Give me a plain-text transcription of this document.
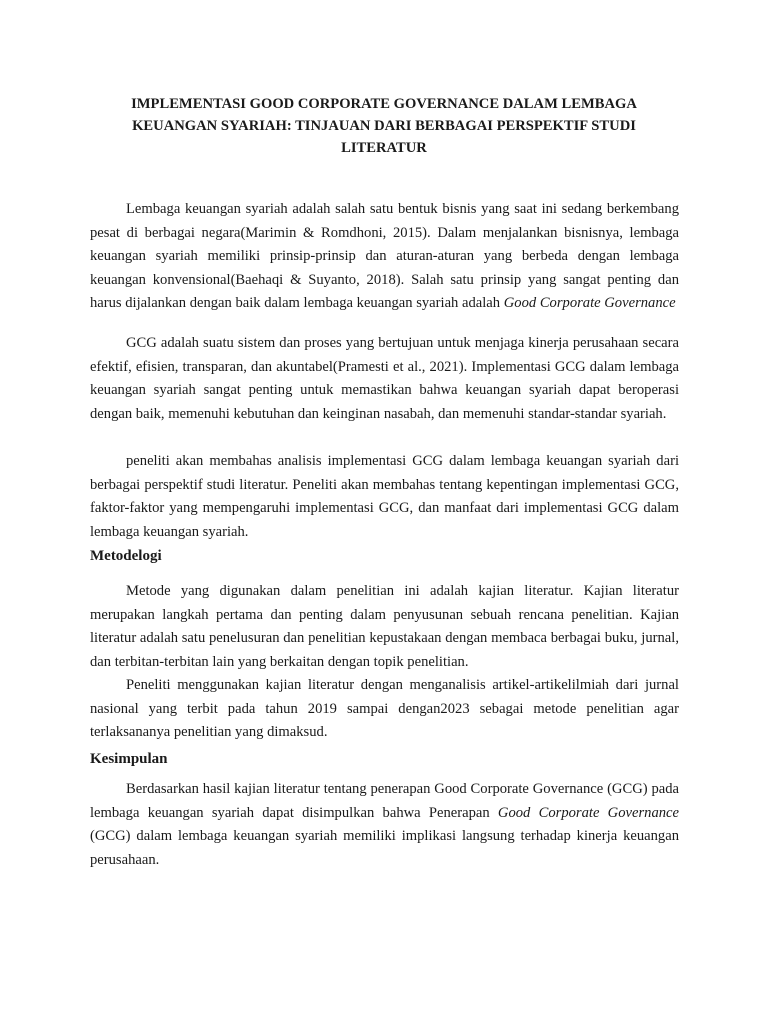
IMPLEMENTASI GOOD CORPORATE GOVERNANCE DALAM LEMBAGA KEUANGAN SYARIAH: TINJAUAN DARI BERBAGAI PERSPEKTIF STUDI LITERATUR

Lembaga keuangan syariah adalah salah satu bentuk bisnis yang saat ini sedang berkembang pesat di berbagai negara(Marimin & Romdhoni, 2015). Dalam menjalankan bisnisnya, lembaga keuangan syariah memiliki prinsip-prinsip dan aturan-aturan yang berbeda dengan lembaga keuangan konvensional(Baehaqi & Suyanto, 2018). Salah satu prinsip yang sangat penting dan harus dijalankan dengan baik dalam lembaga keuangan syariah adalah Good Corporate Governance

GCG adalah suatu sistem dan proses yang bertujuan untuk menjaga kinerja perusahaan secara efektif, efisien, transparan, dan akuntabel(Pramesti et al., 2021). Implementasi GCG dalam lembaga keuangan syariah sangat penting untuk memastikan bahwa keuangan syariah dapat beroperasi dengan baik, memenuhi kebutuhan dan keinginan nasabah, dan memenuhi standar-standar syariah.

peneliti akan membahas analisis implementasi GCG dalam lembaga keuangan syariah dari berbagai perspektif studi literatur. Peneliti akan membahas tentang kepentingan implementasi GCG, faktor-faktor yang mempengaruhi implementasi GCG, dan manfaat dari implementasi GCG dalam lembaga keuangan syariah.

Metodelogi

Metode yang digunakan dalam penelitian ini adalah kajian literatur. Kajian literatur merupakan langkah pertama dan penting dalam penyusunan sebuah rencana penelitian. Kajian literatur adalah satu penelusuran dan penelitian kepustakaan dengan membaca berbagai buku, jurnal, dan terbitan-terbitan lain yang berkaitan dengan topik penelitian.

Peneliti menggunakan kajian literatur dengan menganalisis artikel-artikelilmiah dari jurnal nasional yang terbit pada tahun 2019 sampai dengan2023 sebagai metode penelitian agar terlaksananya penelitian yang dimaksud.

Kesimpulan

Berdasarkan hasil kajian literatur tentang penerapan Good Corporate Governance (GCG) pada lembaga keuangan syariah dapat disimpulkan bahwa Penerapan Good Corporate Governance (GCG) dalam lembaga keuangan syariah memiliki implikasi langsung terhadap kinerja keuangan perusahaan.
